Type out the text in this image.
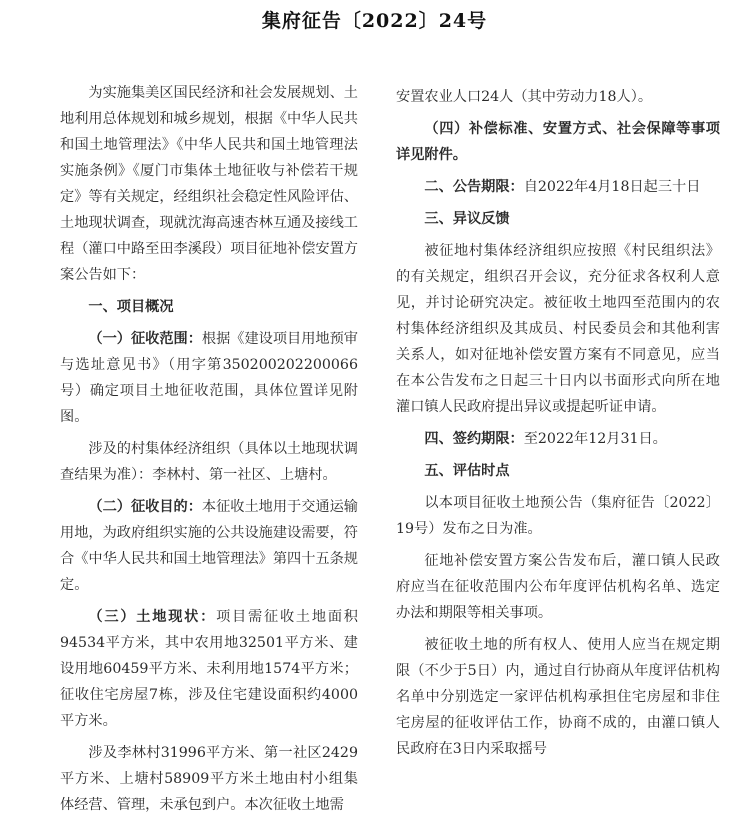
集府征告〔2022〕24号

为实施集美区国民经济和社会发展规划、土地利用总体规划和城乡规划，根据《中华人民共和国土地管理法》《中华人民共和国土地管理法实施条例》《厦门市集体土地征收与补偿若干规定》等有关规定，经组织社会稳定性风险评估、土地现状调查，现就沈海高速杏林互通及接线工程（灌口中路至田李溪段）项目征地补偿安置方案公告如下：

一、项目概况

（一）征收范围：根据《建设项目用地预审与选址意见书》（用字第350200202200066号）确定项目土地征收范围，具体位置详见附图。

涉及的村集体经济组织（具体以土地现状调查结果为准）：李林村、第一社区、上塘村。

（二）征收目的：本征收土地用于交通运输用地，为政府组织实施的公共设施建设需要，符合《中华人民共和国土地管理法》第四十五条规定。

（三）土地现状：项目需征收土地面积94534平方米，其中农用地32501平方米、建设用地60459平方米、未利用地1574平方米；征收住宅房屋7栋，涉及住宅建设面积约4000平方米。

涉及李林村31996平方米、第一社区2429平方米、上塘村58909平方米土地由村小组集体经营、管理，未承包到户。本次征收土地需

安置农业人口24人（其中劳动力18人）。

（四）补偿标准、安置方式、社会保障等事项详见附件。

二、公告期限：自2022年4月18日起三十日

三、异议反馈

被征地村集体经济组织应按照《村民组织法》的有关规定，组织召开会议，充分征求各权利人意见，并讨论研究决定。被征收土地四至范围内的农村集体经济组织及其成员、村民委员会和其他利害关系人，如对征地补偿安置方案有不同意见，应当在本公告发布之日起三十日内以书面形式向所在地灌口镇人民政府提出异议或提起听证申请。

四、签约期限：至2022年12月31日。

五、评估时点

以本项目征收土地预公告（集府征告〔2022〕19号）发布之日为准。

征地补偿安置方案公告发布后，灌口镇人民政府应当在征收范围内公布年度评估机构名单、选定办法和期限等相关事项。

被征收土地的所有权人、使用人应当在规定期限（不少于5日）内，通过自行协商从年度评估机构名单中分别选定一家评估机构承担住宅房屋和非住宅房屋的征收评估工作，协商不成的，由灌口镇人民政府在3日内采取摇号
